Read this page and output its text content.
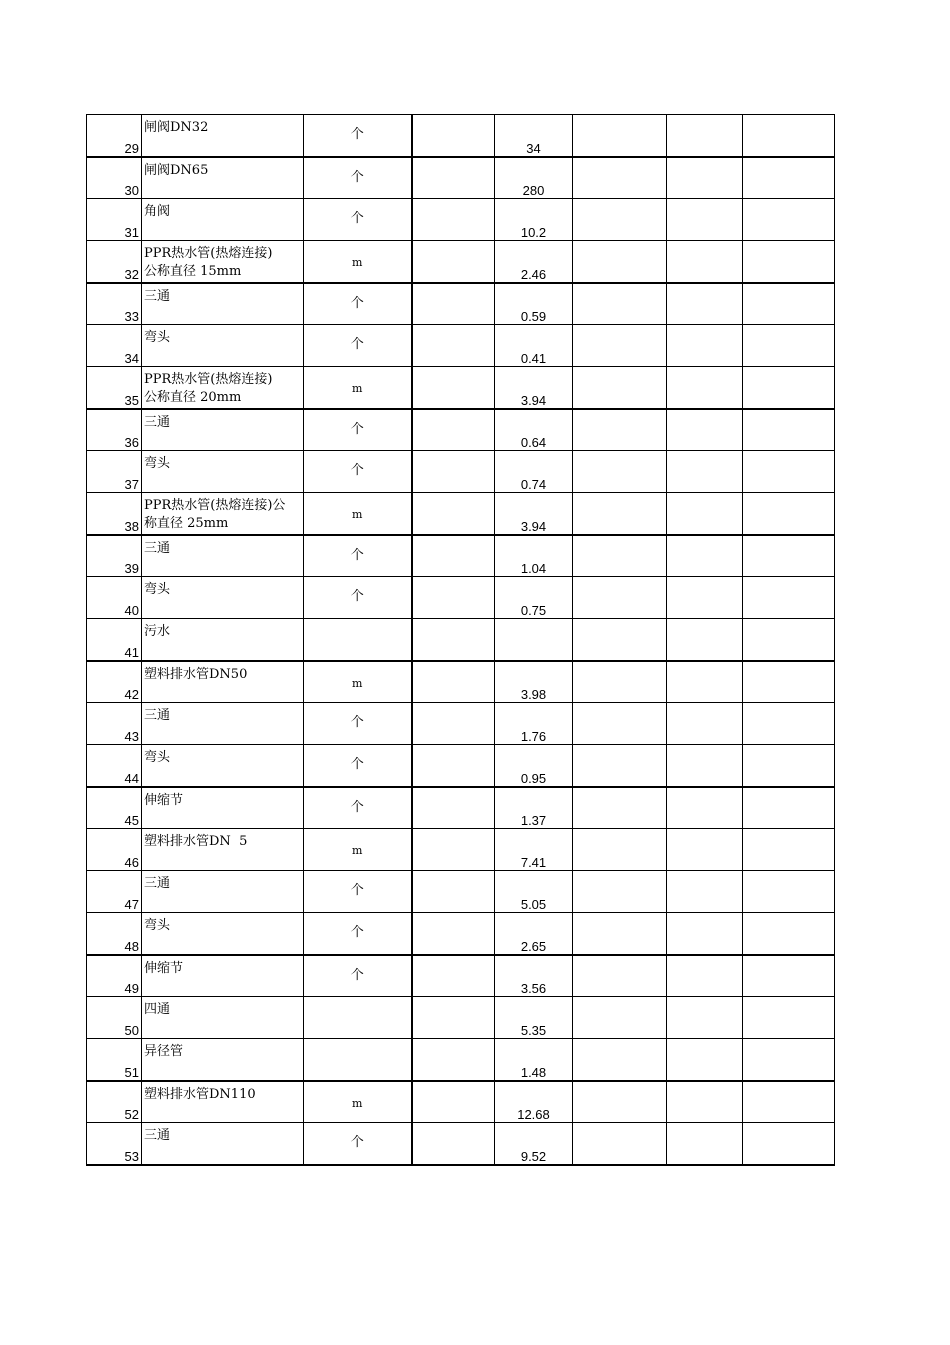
29	闸阀DN32	个		34			

30	闸阀DN65	个		280			

31	角阀	个		10.2			

32	PPR热水管(热熔连接)
公称直径 15mm	m		2.46			

33	三通	个		0.59			

34	弯头	个		0.41			

35	PPR热水管(热熔连接)
公称直径 20mm	m		3.94			

36	三通	个		0.64			

37	弯头	个		0.74			

38	PPR热水管(热熔连接)公
称直径 25mm	m		3.94			

39	三通	个		1.04			

40	弯头	个		0.75			

41	污水						

42	塑料排水管DN50	m		3.98			

43	三通	个		1.76			

44	弯头	个		0.95			

45	伸缩节	个		1.37			

46	塑料排水管DN  5	m		7.41			

47	三通	个		5.05			

48	弯头	个		2.65			

49	伸缩节	个		3.56			

50	四通			5.35			

51	异径管			1.48			

52	塑料排水管DN110	m		12.68			

53	三通	个		9.52			
